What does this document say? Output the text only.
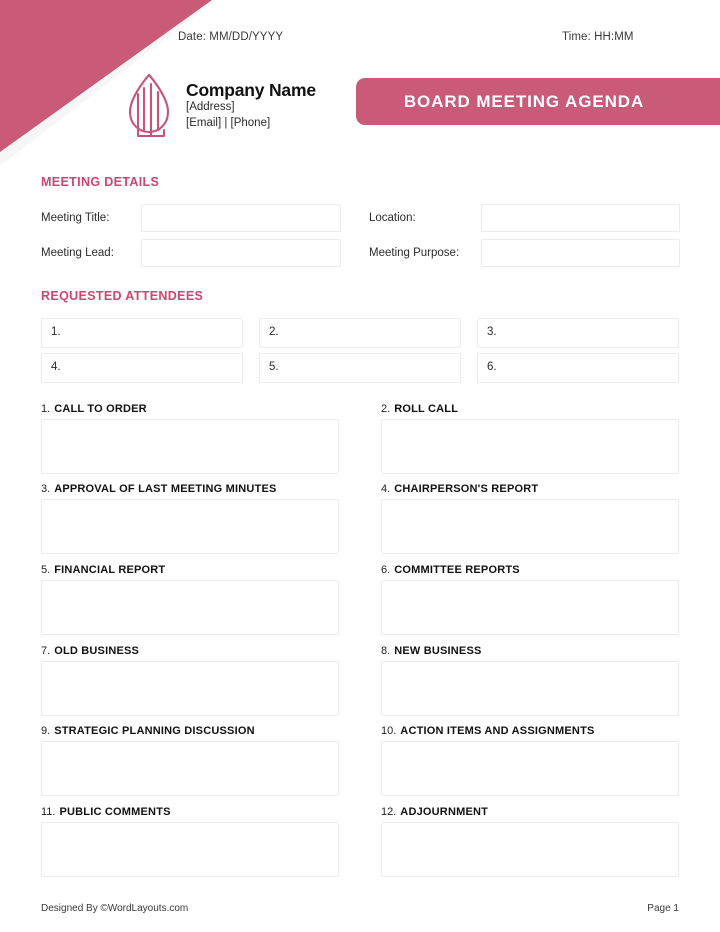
Date: MM/DD/YYYY	Time: HH:MM
Company Name
[Address]
[Email] | [Phone]
BOARD MEETING AGENDA
MEETING DETAILS
REQUESTED ATTENDEES
Meeting Title:	Location:
Meeting Lead:	Meeting Purpose:
1.	2.	3.
4.	5.	6.
1. CALL TO ORDER	2. ROLL CALL
3. APPROVAL OF LAST MEETING MINUTES	4. CHAIRPERSON'S REPORT
5. FINANCIAL REPORT	6. COMMITTEE REPORTS
7. OLD BUSINESS	8. NEW BUSINESS
9. STRATEGIC PLANNING DISCUSSION	10. ACTION ITEMS AND ASSIGNMENTS
11. PUBLIC COMMENTS	12. ADJOURNMENT
Designed By ©WordLayouts.com	Page 1
